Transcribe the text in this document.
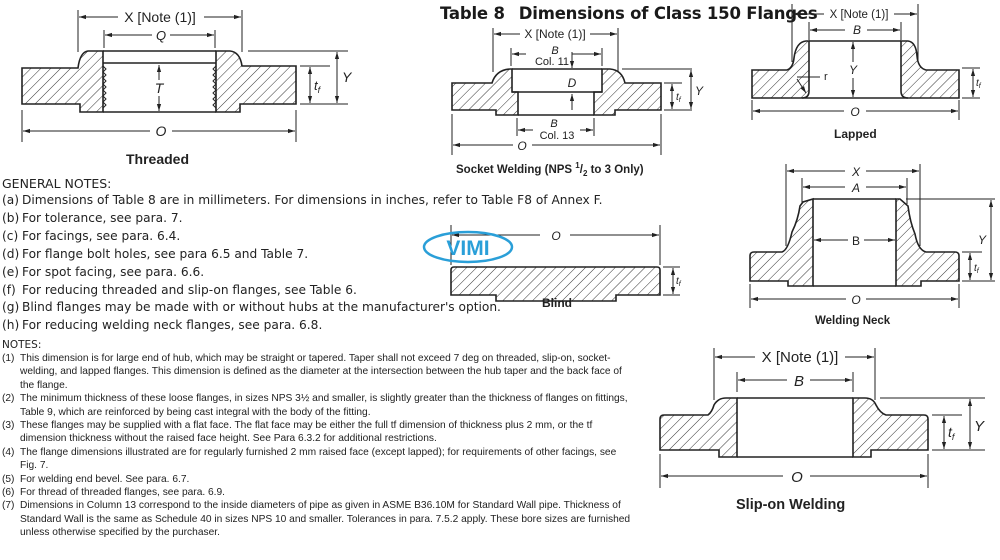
Table 8 Dimensions of Class 150 Flanges
X [Note (1)]
Q
T	$t_f$
Y
O
Threaded
X [Note (1)]
B
Col. 11
D
B
Col. 13
$t_f$
Y
O
Socket Welding (NPS $^1/_2$ to 3 Only)
X [Note (1)]
B
Y
r
$t_f$
O
Lapped
O
$t_f$
Blind
VIMI
X
A
B	Y
$t_f$
O
Welding Neck
X [Note (1)]
B
$t_f$
Y
O
Slip-on Welding
GENERAL NOTES:
(a) Dimensions of Table 8 are in millimeters. For dimensions in inches, refer to Table F8 of Annex F.
(b) For tolerance, see para. 7.
(c) For facings, see para. 6.4.
(d) For flange bolt holes, see para 6.5 and Table 7.
(e) For spot facing, see para. 6.6.
(f) For reducing threaded and slip-on flanges, see Table 6.
(g) Blind flanges may be made with or without hubs at the manufacturer's option.
(h) For reducing welding neck flanges, see para. 6.8.
NOTES:
(1) This dimension is for large end of hub, which may be straight or tapered. Taper shall not exceed 7 deg on threaded, slip-on, socket-welding, and lapped flanges. This dimension is defined as the diameter at the intersection between the hub taper and the back face of the flange.
(2) The minimum thickness of these loose flanges, in sizes NPS 3½ and smaller, is slightly greater than the thickness of flanges on fittings, Table 9, which are reinforced by being cast integral with the body of the fitting.
(3) These flanges may be supplied with a flat face. The flat face may be either the full tf dimension of thickness plus 2 mm, or the tf dimension thickness without the raised face height. See Para 6.3.2 for additional restrictions.
(4) The flange dimensions illustrated are for regularly furnished 2 mm raised face (except lapped); for requirements of other facings, see Fig. 7.
(5) For welding end bevel. See para. 6.7.
(6) For thread of threaded flanges, see para. 6.9.
(7) Dimensions in Column 13 correspond to the inside diameters of pipe as given in ASME B36.10M for Standard Wall pipe. Thickness of Standard Wall is the same as Schedule 40 in sizes NPS 10 and smaller. Tolerances in para. 7.5.2 apply. These bore sizes are furnished unless otherwise specified by the purchaser.
